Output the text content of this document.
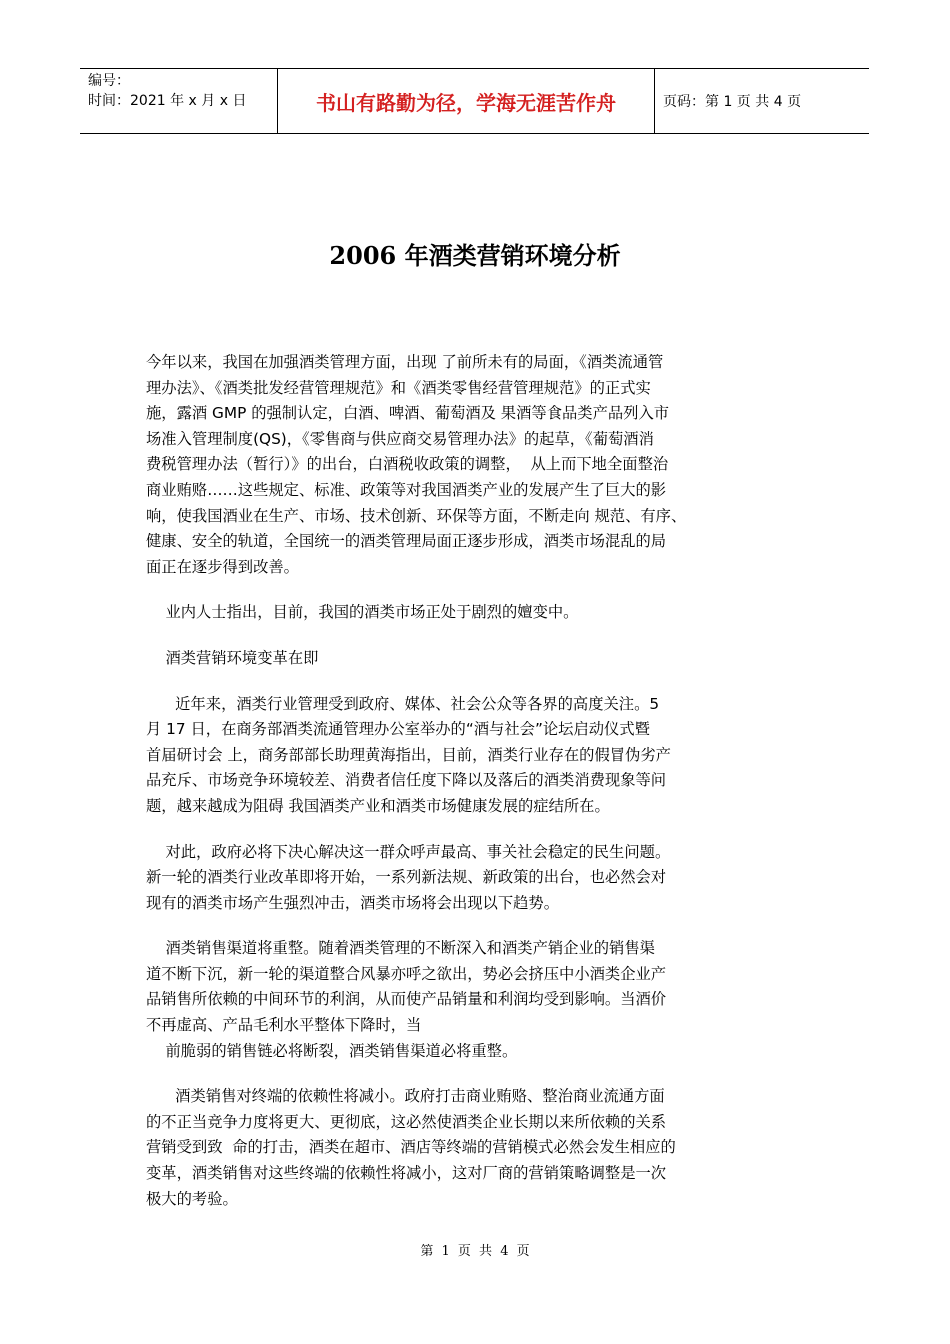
编号：
时间：2021 年 x 月 x 日	书山有路勤为径，学海无涯苦作舟	页码：第 1 页 共 4 页
2006 年酒类营销环境分析
今年以来，我国在加强酒类管理方面，出现 了前所未有的局面，《酒类流通管
理办法》、《酒类批发经营管理规范》和《酒类零售经营管理规范》的正式实
施，露酒 GMP 的强制认定，白酒、啤酒、葡萄酒及 果酒等食品类产品列入市
场准入管理制度(QS)，《零售商与供应商交易管理办法》的起草，《葡萄酒消
费税管理办法（暂行）》的出台，白酒税收政策的调整，  从上而下地全面整治
商业贿赂……这些规定、标准、政策等对我国酒类产业的发展产生了巨大的影
响，使我国酒业在生产、市场、技术创新、环保等方面，不断走向 规范、有序、
健康、安全的轨道，全国统一的酒类管理局面正逐步形成，酒类市场混乱的局
面正在逐步得到改善。
业内人士指出，目前，我国的酒类市场正处于剧烈的嬗变中。
酒类营销环境变革在即
近年来，酒类行业管理受到政府、媒体、社会公众等各界的高度关注。5
月 17 日，在商务部酒类流通管理办公室举办的“酒与社会”论坛启动仪式暨
首届研讨会 上，商务部部长助理黄海指出，目前，酒类行业存在的假冒伪劣产
品充斥、市场竞争环境较差、消费者信任度下降以及落后的酒类消费现象等问
题，越来越成为阻碍 我国酒类产业和酒类市场健康发展的症结所在。
对此，政府必将下决心解决这一群众呼声最高、事关社会稳定的民生问题。
新一轮的酒类行业改革即将开始，一系列新法规、新政策的出台，也必然会对
现有的酒类市场产生强烈冲击，酒类市场将会出现以下趋势。
酒类销售渠道将重整。随着酒类管理的不断深入和酒类产销企业的销售渠
道不断下沉，新一轮的渠道整合风暴亦呼之欲出，势必会挤压中小酒类企业产
品销售所依赖的中间环节的利润，从而使产品销量和利润均受到影响。当酒价
不再虚高、产品毛利水平整体下降时，当
前脆弱的销售链必将断裂，酒类销售渠道必将重整。
酒类销售对终端的依赖性将减小。政府打击商业贿赂、整治商业流通方面
的不正当竞争力度将更大、更彻底，这必然使酒类企业长期以来所依赖的关系
营销受到致  命的打击，酒类在超市、酒店等终端的营销模式必然会发生相应的
变革，酒类销售对这些终端的依赖性将减小，这对厂商的营销策略调整是一次
极大的考验。
第 1 页 共 4 页
